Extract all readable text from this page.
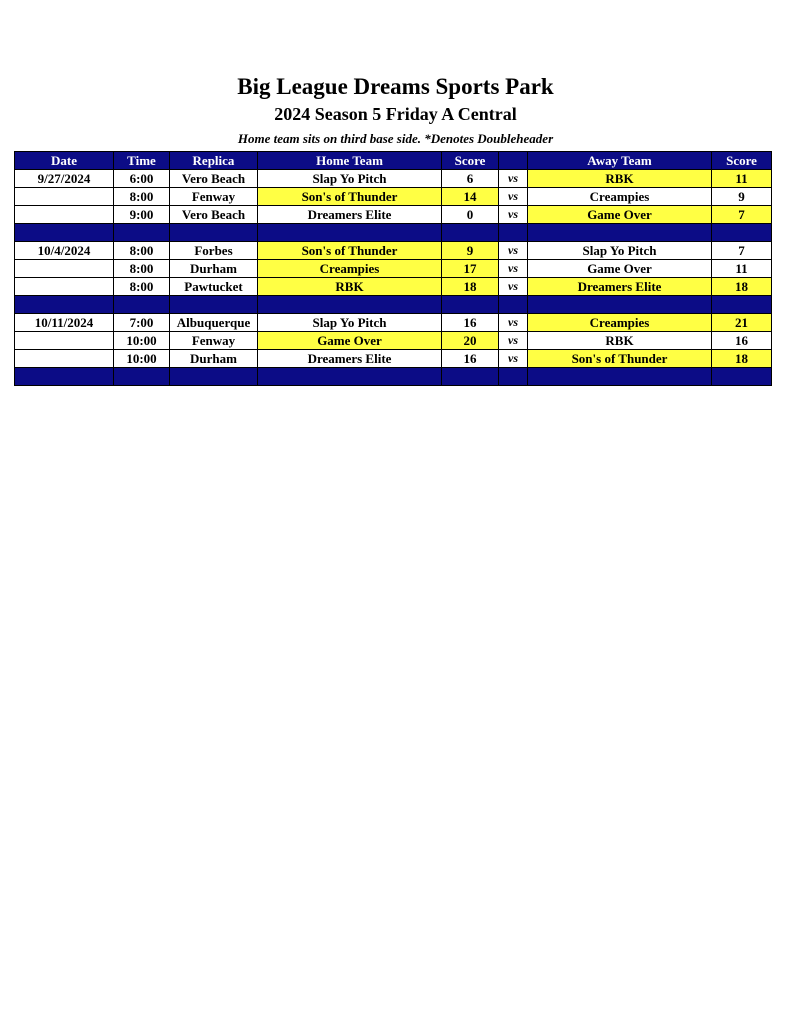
Big League Dreams Sports Park
2024 Season 5 Friday A Central
Home team sits on third base side. *Denotes Doubleheader
Date	Time	Replica	Home Team	Score		Away Team	Score
9/27/2024	6:00	Vero Beach	Slap Yo Pitch	6	vs	RBK	11
	8:00	Fenway	Son's of Thunder	14	vs	Creampies	9
	9:00	Vero Beach	Dreamers Elite	0	vs	Game Over	7

10/4/2024	8:00	Forbes	Son's of Thunder	9	vs	Slap Yo Pitch	7
	8:00	Durham	Creampies	17	vs	Game Over	11
	8:00	Pawtucket	RBK	18	vs	Dreamers Elite	18

10/11/2024	7:00	Albuquerque	Slap Yo Pitch	16	vs	Creampies	21
	10:00	Fenway	Game Over	20	vs	RBK	16
	10:00	Durham	Dreamers Elite	16	vs	Son's of Thunder	18
